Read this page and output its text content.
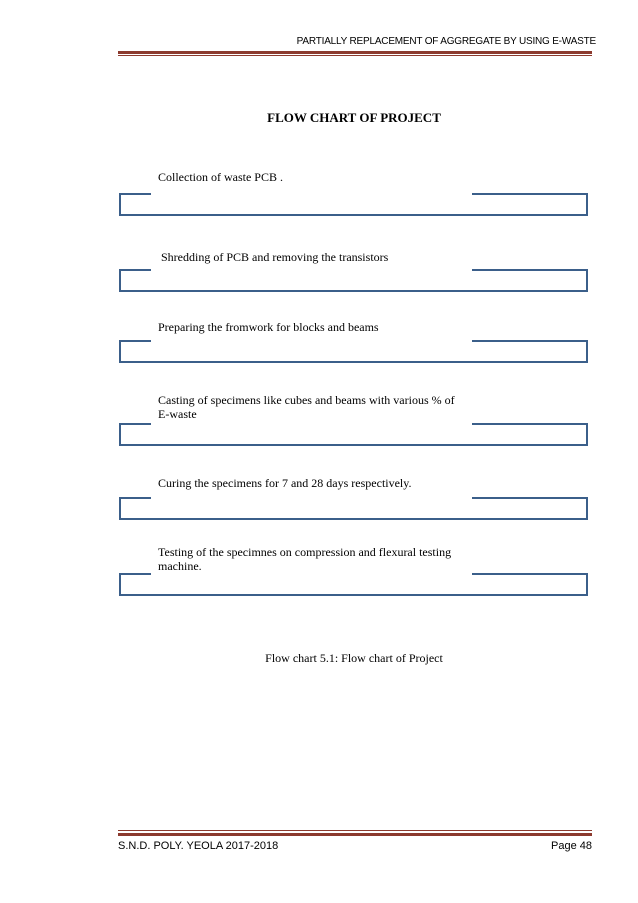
PARTIALLY REPLACEMENT OF AGGREGATE BY USING E-WASTE
FLOW CHART OF PROJECT
Collection of waste PCB .
Shredding of PCB and removing the transistors
Preparing the fromwork for blocks and beams
Casting of specimens like cubes and beams with various % of E-waste
Curing the specimens for 7 and 28 days respectively.
Testing of the specimnes on compression and flexural testing machine.
Flow chart 5.1: Flow chart of Project
S.N.D. POLY. YEOLA 2017-2018	Page 48
